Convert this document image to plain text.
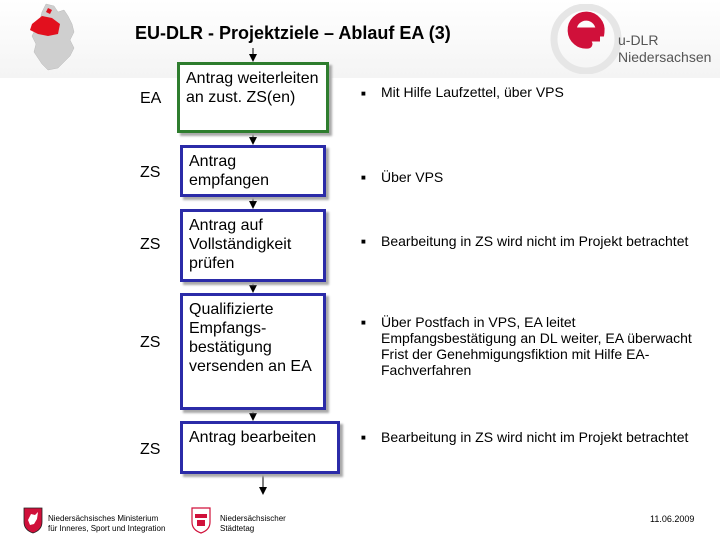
EU-DLR - Projektziele – Ablauf EA (3)	u-DLR
Niedersachsen
EA
Antrag weiterleiten an zust. ZS(en)	■ Mit Hilfe Laufzettel, über VPS
ZS
Antrag empfangen	■ Über VPS
ZS
Antrag auf Vollständigkeit prüfen
■ Bearbeitung in ZS wird nicht im Projekt betrachtet
ZS
Qualifizierte Empfangs-bestätigung versenden an EA
■ Über Postfach in VPS, EA leitet Empfangsbestätigung an DL weiter, EA überwacht Frist der Genehmigungsfiktion mit Hilfe EA-Fachverfahren
ZS
Antrag bearbeiten	■ Bearbeitung in ZS wird nicht im Projekt betrachtet
Niedersächsisches Ministerium
für Inneres, Sport und Integration
Niedersächsischer
Städtetag
11.06.2009
